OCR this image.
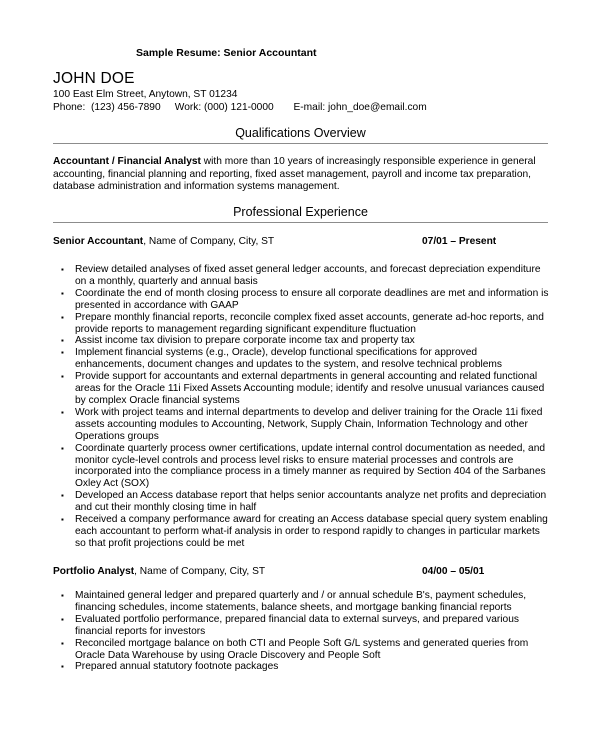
Sample Resume: Senior Accountant
JOHN DOE
100 East Elm Street, Anytown, ST 01234
Phone:  (123) 456-7890     Work: (000) 121-0000       E-mail: john_doe@email.com
Qualifications Overview
Accountant / Financial Analyst with more than 10 years of increasingly responsible experience in general accounting, financial planning and reporting, fixed asset management, payroll and income tax preparation, database administration and information systems management.
Professional Experience
Senior Accountant, Name of Company, City, ST	07/01 – Present
▪ Review detailed analyses of fixed asset general ledger accounts, and forecast depreciation expenditure on a monthly, quarterly and annual basis
▪ Coordinate the end of month closing process to ensure all corporate deadlines are met and information is presented in accordance with GAAP
▪ Prepare monthly financial reports, reconcile complex fixed asset accounts, generate ad-hoc reports, and provide reports to management regarding significant expenditure fluctuation
▪ Assist income tax division to prepare corporate income tax and property tax
▪ Implement financial systems (e.g., Oracle), develop functional specifications for approved enhancements, document changes and updates to the system, and resolve technical problems
▪ Provide support for accountants and external departments in general accounting and related functional areas for the Oracle 11i Fixed Assets Accounting module; identify and resolve unusual variances caused by complex Oracle financial systems
▪ Work with project teams and internal departments to develop and deliver training for the Oracle 11i fixed assets accounting modules to Accounting, Network, Supply Chain, Information Technology and other Operations groups
▪ Coordinate quarterly process owner certifications, update internal control documentation as needed, and monitor cycle-level controls and process level risks to ensure material processes and controls are incorporated into the compliance process in a timely manner as required by Section 404 of the Sarbanes Oxley Act (SOX)
▪ Developed an Access database report that helps senior accountants analyze net profits and depreciation and cut their monthly closing time in half
▪ Received a company performance award for creating an Access database special query system enabling each accountant to perform what-if analysis in order to respond rapidly to changes in particular markets so that profit projections could be met
Portfolio Analyst, Name of Company, City, ST	04/00 – 05/01
▪ Maintained general ledger and prepared quarterly and / or annual schedule B's, payment schedules, financing schedules, income statements, balance sheets, and mortgage banking financial reports
▪ Evaluated portfolio performance, prepared financial data to external surveys, and prepared various financial reports for investors
▪ Reconciled mortgage balance on both CTI and People Soft G/L systems and generated queries from Oracle Data Warehouse by using Oracle Discovery and People Soft
▪ Prepared annual statutory footnote packages
